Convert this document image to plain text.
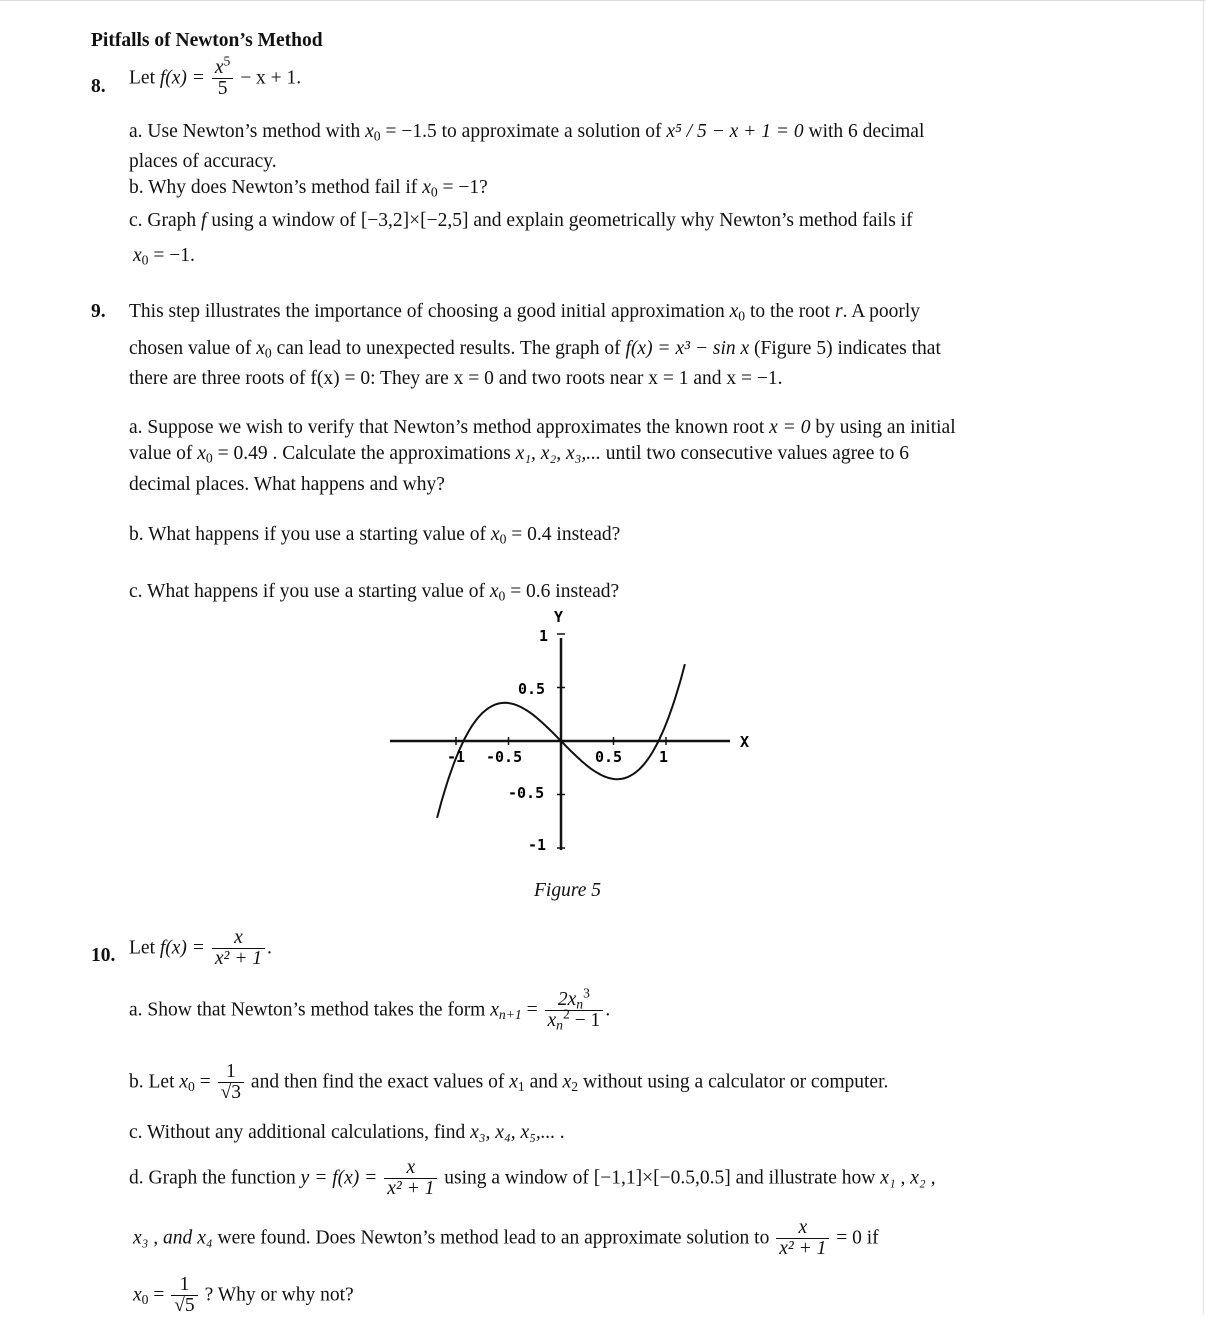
Pitfalls of Newton’s Method
8. Let $f(x) = \frac{x^5}{5} - x + 1$.
a. Use Newton’s method with $x_0 = -1.5$ to approximate a solution of x⁵ / 5 − x + 1 = 0 with 6 decimal
places of accuracy.
b. Why does Newton’s method fail if $x_0 = -1$?
c. Graph f using a window of [−3,2]×[−2,5] and explain geometrically why Newton’s method fails if
$x_0 = -1$.
9. This step illustrates the importance of choosing a good initial approximation $x_0$ to the root r. A poorly
chosen value of $x_0$ can lead to unexpected results. The graph of f(x) = x³ − sin x (Figure 5) indicates that
there are three roots of f(x) = 0: They are x = 0 and two roots near x = 1 and x = −1.
a. Suppose we wish to verify that Newton’s method approximates the known root x = 0 by using an initial
value of $x_0 = 0.49$ . Calculate the approximations x₁, x₂, x₃,... until two consecutive values agree to 6
decimal places. What happens and why?
b. What happens if you use a starting value of $x_0 = 0.4$ instead?
c. What happens if you use a starting value of $x_0 = 0.6$ instead?
Y
X
1
0.5
-0.5
-1
-1 -0.5	0.5 1
Figure 5
10. Let $f(x) = \frac{x}{\text{x² + 1}}$ .
a. Show that Newton’s method takes the form $x_{n+1} = \frac{2x_n^3}{x_n^2 - 1}$ .
b. Let $x_0 = \frac{1}{√3}$ and then find the exact values of $x_1$ and $x_2$ without using a calculator or computer.
c. Without any additional calculations, find x₃, x₄, x₅,... .
d. Graph the function $y = f(x) = \frac{x}{\text{x² + 1}}$ using a window of [−1,1]×[−0.5,0.5] and illustrate how x₁ , x₂ ,
x₃ , and x₄ were found. Does Newton’s method lead to an approximate solution to $\frac{x}{\text{x² + 1}} = 0$ if
$x_0 = \frac{1}{√5}$ ? Why or why not?
